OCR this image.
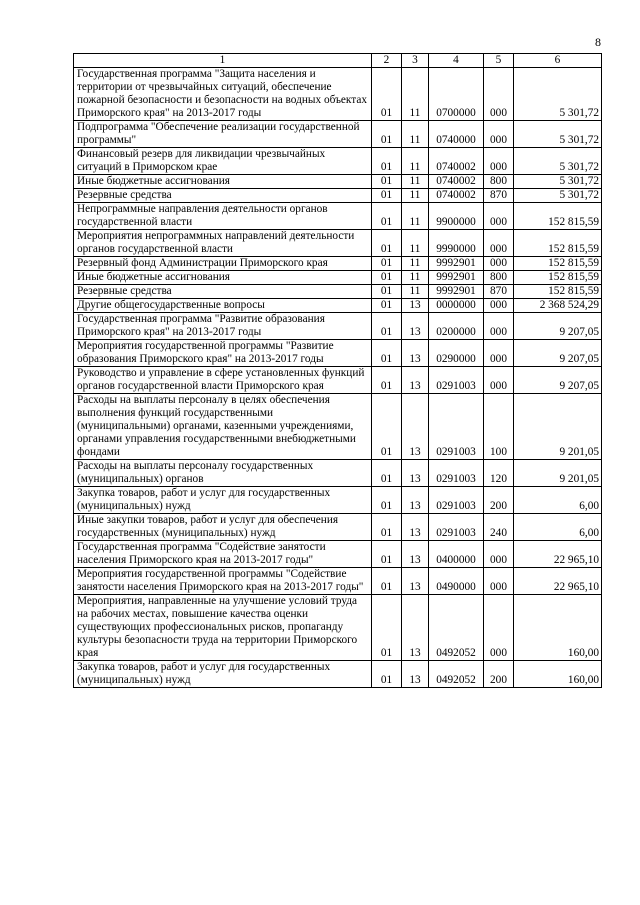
8
1	2	3	4	5	6
Государственная программа "Защита населения и территории от чрезвычайных ситуаций, обеспечение пожарной безопасности и безопасности на водных объектах Приморского края" на 2013-2017 годы	01	11	0700000	000	5 301,72
Подпрограмма "Обеспечение реализации государственной программы"	01	11	0740000	000	5 301,72
Финансовый резерв для ликвидации чрезвычайных ситуаций в Приморском крае	01	11	0740002	000	5 301,72
Иные бюджетные ассигнования	01	11	0740002	800	5 301,72
Резервные средства	01	11	0740002	870	5 301,72
Непрограммные направления деятельности органов государственной власти	01	11	9900000	000	152 815,59
Мероприятия непрограммных направлений деятельности органов государственной власти	01	11	9990000	000	152 815,59
Резервный фонд Администрации Приморского края	01	11	9992901	000	152 815,59
Иные бюджетные ассигнования	01	11	9992901	800	152 815,59
Резервные средства	01	11	9992901	870	152 815,59
Другие общегосударственные вопросы	01	13	0000000	000	2 368 524,29
Государственная программа "Развитие образования Приморского края" на 2013-2017 годы	01	13	0200000	000	9 207,05
Мероприятия государственной программы "Развитие образования Приморского края" на 2013-2017 годы	01	13	0290000	000	9 207,05
Руководство и управление в сфере установленных функций органов государственной власти Приморского края	01	13	0291003	000	9 207,05
Расходы на выплаты персоналу в целях обеспечения выполнения функций государственными (муниципальными) органами, казенными учреждениями, органами управления государственными внебюджетными фондами	01	13	0291003	100	9 201,05
Расходы на выплаты персоналу государственных (муниципальных) органов	01	13	0291003	120	9 201,05
Закупка товаров, работ и услуг для государственных (муниципальных) нужд	01	13	0291003	200	6,00
Иные закупки товаров, работ и услуг для обеспечения государственных (муниципальных) нужд	01	13	0291003	240	6,00
Государственная программа "Содействие занятости населения Приморского края на 2013-2017 годы"	01	13	0400000	000	22 965,10
Мероприятия государственной программы "Содействие занятости населения Приморского края на 2013-2017 годы"	01	13	0490000	000	22 965,10
Мероприятия, направленные на улучшение условий труда на рабочих местах, повышение качества оценки существующих профессиональных рисков, пропаганду культуры безопасности труда на территории Приморского края	01	13	0492052	000	160,00
Закупка товаров, работ и услуг для государственных (муниципальных) нужд	01	13	0492052	200	160,00
